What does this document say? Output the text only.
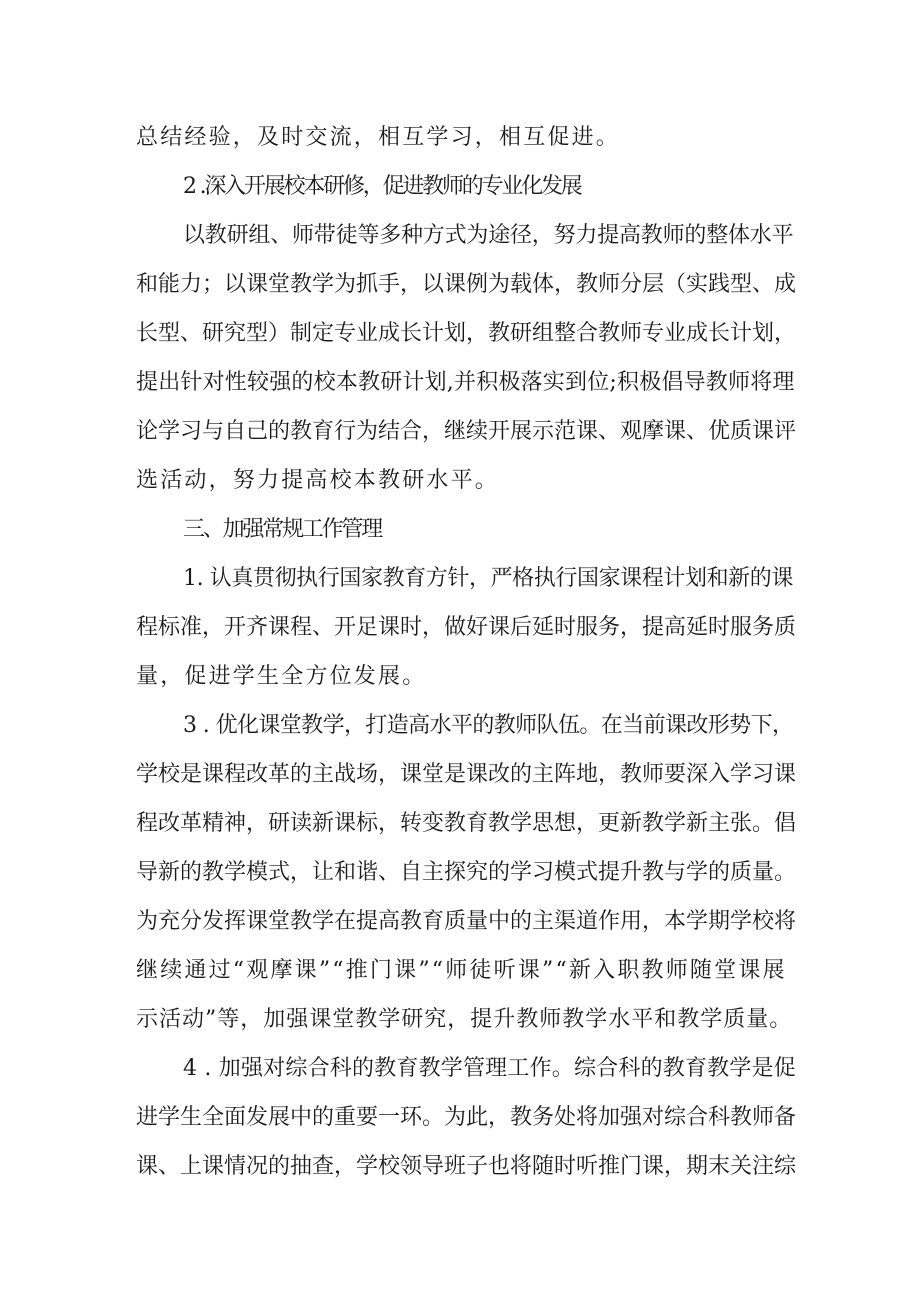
总结经验，及时交流，相互学习，相互促进。
2 .深入开展校本研修，促进教师的专业化发展
以教研组、师带徒等多种方式为途径，努力提高教师的整体水平
和能力；以课堂教学为抓手，以课例为载体，教师分层（实践型、成
长型、研究型）制定专业成长计划，教研组整合教师专业成长计划，
提出针对性较强的校本教研计划,并积极落实到位;积极倡导教师将理
论学习与自己的教育行为结合，继续开展示范课、观摩课、优质课评
选活动，努力提高校本教研水平。
三、加强常规工作管理
1. 认真贯彻执行国家教育方针，严格执行国家课程计划和新的课
程标准，开齐课程、开足课时，做好课后延时服务，提高延时服务质
量，促进学生全方位发展。
3 . 优化课堂教学，打造高水平的教师队伍。在当前课改形势下，
学校是课程改革的主战场，课堂是课改的主阵地，教师要深入学习课
程改革精神，研读新课标，转变教育教学思想，更新教学新主张。倡
导新的教学模式，让和谐、自主探究的学习模式提升教与学的质量。
为充分发挥课堂教学在提高教育质量中的主渠道作用，本学期学校将
继续通过“观摩课”“推门课”“师徒听课”“新入职教师随堂课展
示活动”等，加强课堂教学研究，提升教师教学水平和教学质量。
4 . 加强对综合科的教育教学管理工作。综合科的教育教学是促
进学生全面发展中的重要一环。为此，教务处将加强对综合科教师备
课、上课情况的抽查，学校领导班子也将随时听推门课，期末关注综
